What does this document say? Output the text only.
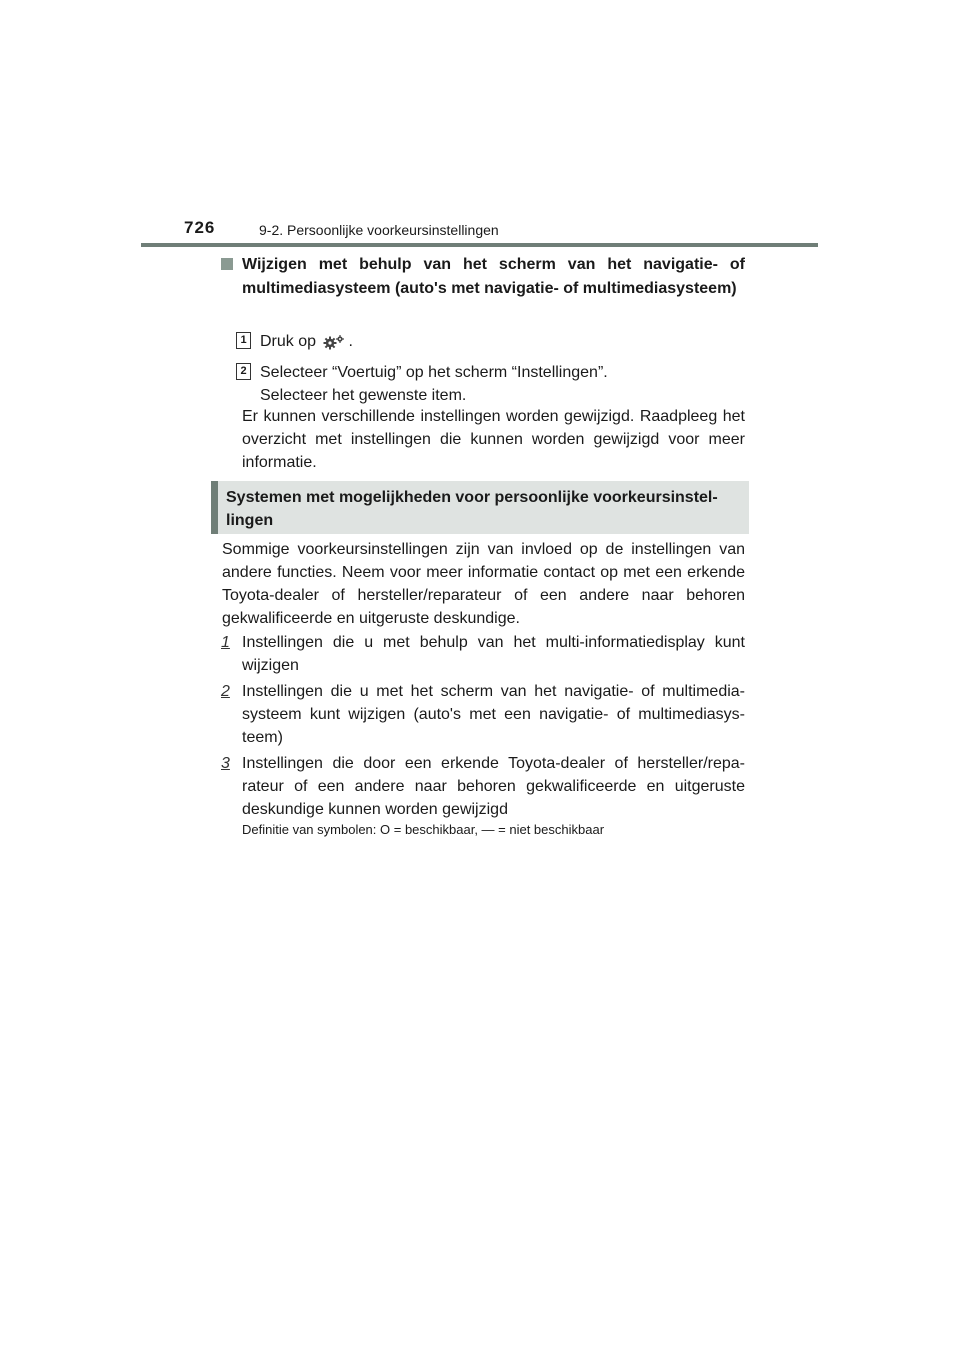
726	9-2. Persoonlijke voorkeursinstellingen
Wijzigen met behulp van het scherm van het navigatie- of multimediasysteem (auto's met navigatie- of multimediasysteem)
1 Druk op .
2 Selecteer “Voertuig” op het scherm “Instellingen”.
Selecteer het gewenste item.
Er kunnen verschillende instellingen worden gewijzigd. Raadpleeg het overzicht met instellingen die kunnen worden gewijzigd voor meer informatie.
Systemen met mogelijkheden voor persoonlijke voorkeursinstellingen
Sommige voorkeursinstellingen zijn van invloed op de instellingen van andere functies. Neem voor meer informatie contact op met een erkende Toyota-dealer of hersteller/reparateur of een andere naar behoren gekwalificeerde en uitgeruste deskundige.
1 Instellingen die u met behulp van het multi-informatiedisplay kunt wijzigen
2 Instellingen die u met het scherm van het navigatie- of multimediasysteem kunt wijzigen (auto's met een navigatie- of multimediasysteem)
3 Instellingen die door een erkende Toyota-dealer of hersteller/reparateur of een andere naar behoren gekwalificeerde en uitgeruste deskundige kunnen worden gewijzigd
Definitie van symbolen: O = beschikbaar, — = niet beschikbaar
